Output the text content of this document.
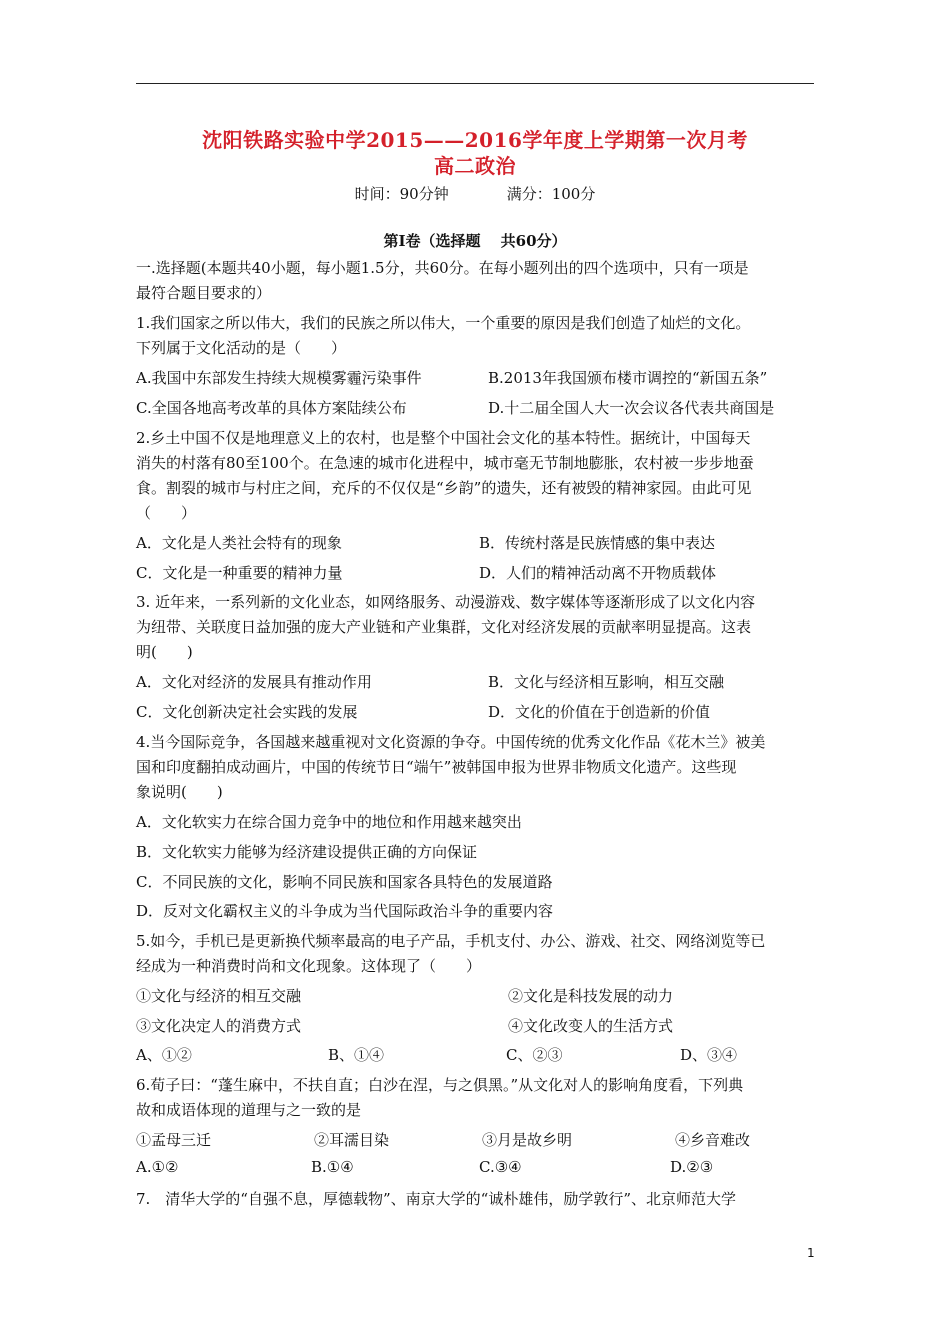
沈阳铁路实验中学2015——2016学年度上学期第一次月考
高二政治
时间：90分钟	满分：100分
第Ⅰ卷（选择题　 共60分）
一.选择题(本题共40小题，每小题1.5分，共60分。在每小题列出的四个选项中，只有一项是
最符合题目要求的）
1.我们国家之所以伟大，我们的民族之所以伟大，一个重要的原因是我们创造了灿烂的文化。
下列属于文化活动的是（　　）
A.我国中东部发生持续大规模雾霾污染事件	B.2013年我国颁布楼市调控的“新国五条”
C.全国各地高考改革的具体方案陆续公布	D.十二届全国人大一次会议各代表共商国是
2.乡土中国不仅是地理意义上的农村，也是整个中国社会文化的基本特性。据统计，中国每天
消失的村落有80至100个。在急速的城市化进程中，城市毫无节制地膨胀，农村被一步步地蚕
食。割裂的城市与村庄之间，充斥的不仅仅是“乡韵”的遗失，还有被毁的精神家园。由此可见
（　　）
A．文化是人类社会特有的现象	B．传统村落是民族情感的集中表达
C．文化是一种重要的精神力量	D．人们的精神活动离不开物质载体
3. 近年来，一系列新的文化业态，如网络服务、动漫游戏、数字媒体等逐渐形成了以文化内容
为纽带、关联度日益加强的庞大产业链和产业集群，文化对经济发展的贡献率明显提高。这表
明(　　)
A．文化对经济的发展具有推动作用	B．文化与经济相互影响，相互交融
C．文化创新决定社会实践的发展	D．文化的价值在于创造新的价值
4.当今国际竞争，各国越来越重视对文化资源的争夺。中国传统的优秀文化作品《花木兰》被美
国和印度翻拍成动画片，中国的传统节日“端午”被韩国申报为世界非物质文化遗产。这些现
象说明(　　)
A．文化软实力在综合国力竞争中的地位和作用越来越突出
B．文化软实力能够为经济建设提供正确的方向保证
C．不同民族的文化，影响不同民族和国家各具特色的发展道路
D．反对文化霸权主义的斗争成为当代国际政治斗争的重要内容
5.如今，手机已是更新换代频率最高的电子产品，手机支付、办公、游戏、社交、网络浏览等已
经成为一种消费时尚和文化现象。这体现了（　　）
①文化与经济的相互交融	②文化是科技发展的动力
③文化决定人的消费方式	④文化改变人的生活方式
A、①②	B、①④	C、②③	D、③④
6.荀子曰：“蓬生麻中，不扶自直；白沙在涅，与之俱黑。”从文化对人的影响角度看，下列典
故和成语体现的道理与之一致的是
①孟母三迁	②耳濡目染	③月是故乡明	④乡音难改
A.①②	B.①④	C.③④	D.②③
7.　清华大学的“自强不息，厚德载物”、南京大学的“诚朴雄伟，励学敦行”、北京师范大学
1
